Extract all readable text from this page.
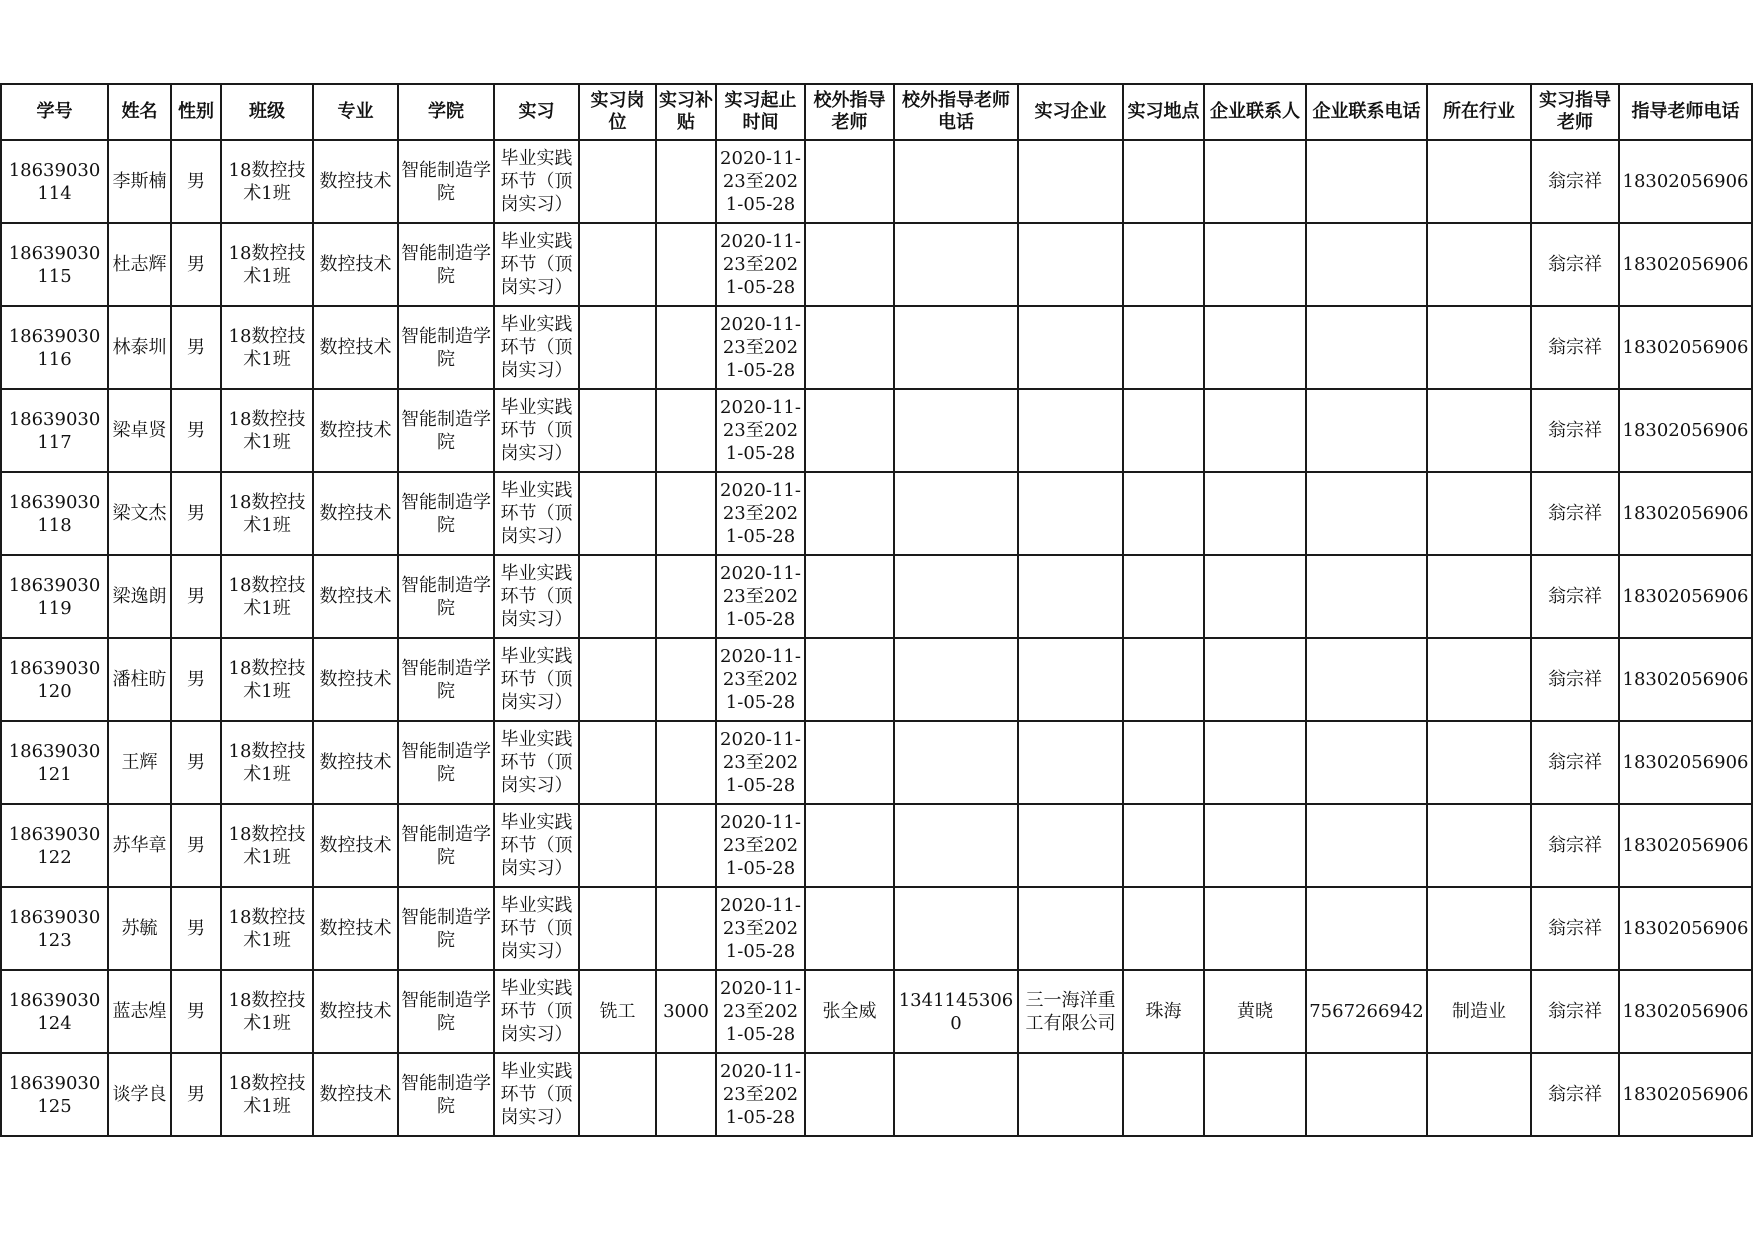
学号	姓名	性别	班级	专业	学院	实习	实习岗位	实习补贴	实习起止时间	校外指导老师	校外指导老师电话	实习企业	实习地点	企业联系人	企业联系电话	所在行业	实习指导老师	指导老师电话

18639030114	李斯楠	男	18数控技术1班	数控技术	智能制造学院	毕业实践环节（顶岗实习）			2020-11-23至2021-05-28								翁宗祥	18302056906

18639030115	杜志辉	男	18数控技术1班	数控技术	智能制造学院	毕业实践环节（顶岗实习）			2020-11-23至2021-05-28								翁宗祥	18302056906

18639030116	林泰圳	男	18数控技术1班	数控技术	智能制造学院	毕业实践环节（顶岗实习）			2020-11-23至2021-05-28								翁宗祥	18302056906

18639030117	梁卓贤	男	18数控技术1班	数控技术	智能制造学院	毕业实践环节（顶岗实习）			2020-11-23至2021-05-28								翁宗祥	18302056906

18639030118	梁文杰	男	18数控技术1班	数控技术	智能制造学院	毕业实践环节（顶岗实习）			2020-11-23至2021-05-28								翁宗祥	18302056906

18639030119	梁逸朗	男	18数控技术1班	数控技术	智能制造学院	毕业实践环节（顶岗实习）			2020-11-23至2021-05-28								翁宗祥	18302056906

18639030120	潘柱昉	男	18数控技术1班	数控技术	智能制造学院	毕业实践环节（顶岗实习）			2020-11-23至2021-05-28								翁宗祥	18302056906

18639030121	王辉	男	18数控技术1班	数控技术	智能制造学院	毕业实践环节（顶岗实习）			2020-11-23至2021-05-28								翁宗祥	18302056906

18639030122	苏华章	男	18数控技术1班	数控技术	智能制造学院	毕业实践环节（顶岗实习）			2020-11-23至2021-05-28								翁宗祥	18302056906

18639030123	苏毓	男	18数控技术1班	数控技术	智能制造学院	毕业实践环节（顶岗实习）			2020-11-23至2021-05-28								翁宗祥	18302056906

18639030124	蓝志煌	男	18数控技术1班	数控技术	智能制造学院	毕业实践环节（顶岗实习）	铣工	3000	2020-11-23至2021-05-28	张全威	13411453060	三一海洋重工有限公司	珠海	黄晓	7567266942	制造业	翁宗祥	18302056906

18639030125	谈学良	男	18数控技术1班	数控技术	智能制造学院	毕业实践环节（顶岗实习）			2020-11-23至2021-05-28								翁宗祥	18302056906
